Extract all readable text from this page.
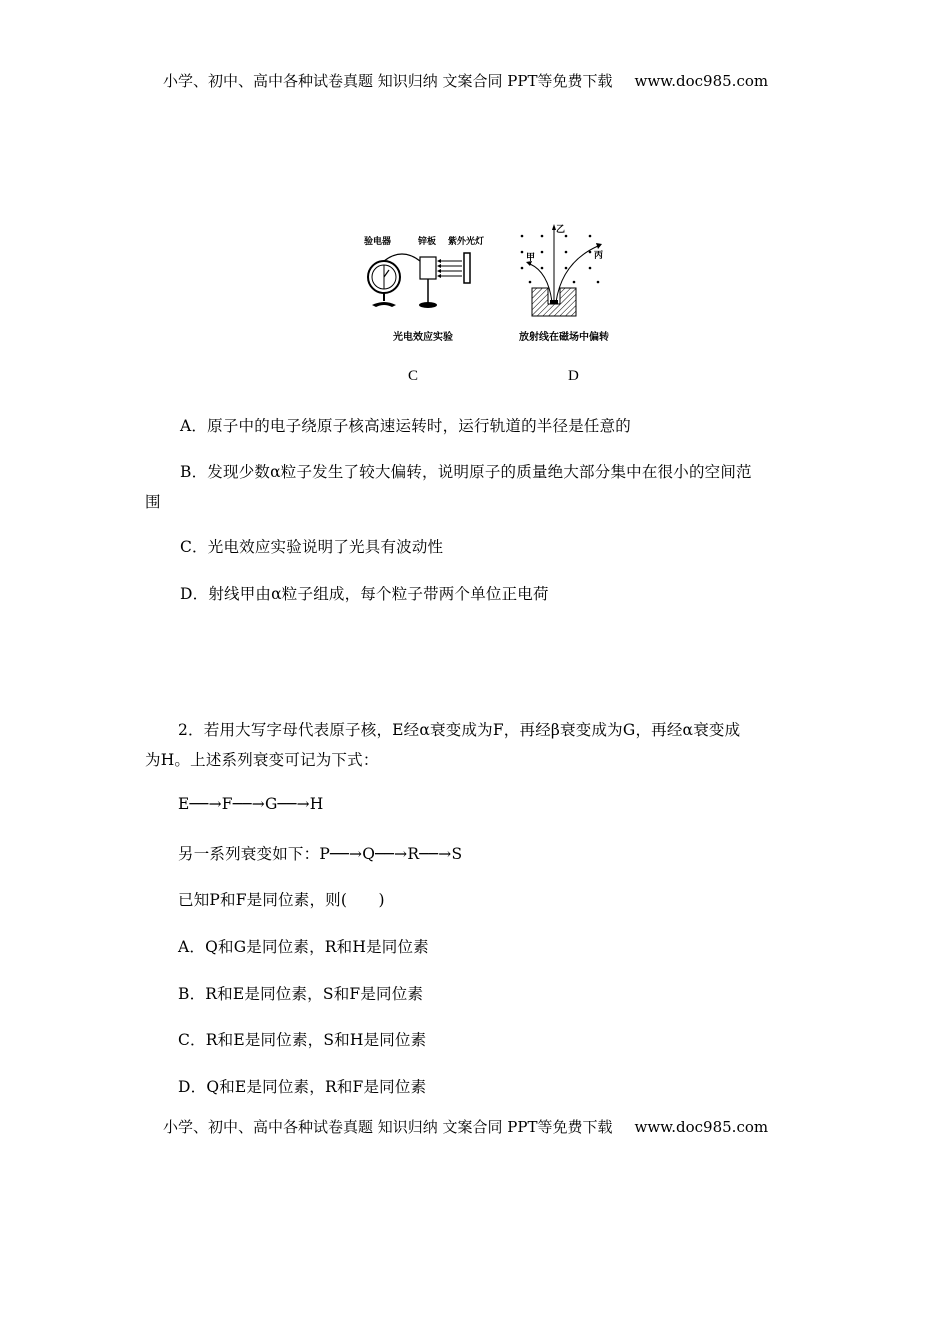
小学、初中、高中各种试卷真题 知识归纳 文案合同 PPT等免费下载 www.doc985.com
验电器	锌板 紫外光灯
光电效应实验
C
乙
甲	丙
放射线在磁场中偏转
D
A．原子中的电子绕原子核高速运转时，运行轨道的半径是任意的
B．发现少数α粒子发生了较大偏转，说明原子的质量绝大部分集中在很小的空间范
围
C．光电效应实验说明了光具有波动性
D．射线甲由α粒子组成，每个粒子带两个单位正电荷
2．若用大写字母代表原子核，E经α衰变成为F，再经β衰变成为G，再经α衰变成
为H。上述系列衰变可记为下式：
E──→F──→G──→H
另一系列衰变如下：P──→Q──→R──→S
已知P和F是同位素，则(　　)
A．Q和G是同位素，R和H是同位素
B．R和E是同位素，S和F是同位素
C．R和E是同位素，S和H是同位素
D．Q和E是同位素，R和F是同位素
小学、初中、高中各种试卷真题 知识归纳 文案合同 PPT等免费下载 www.doc985.com
